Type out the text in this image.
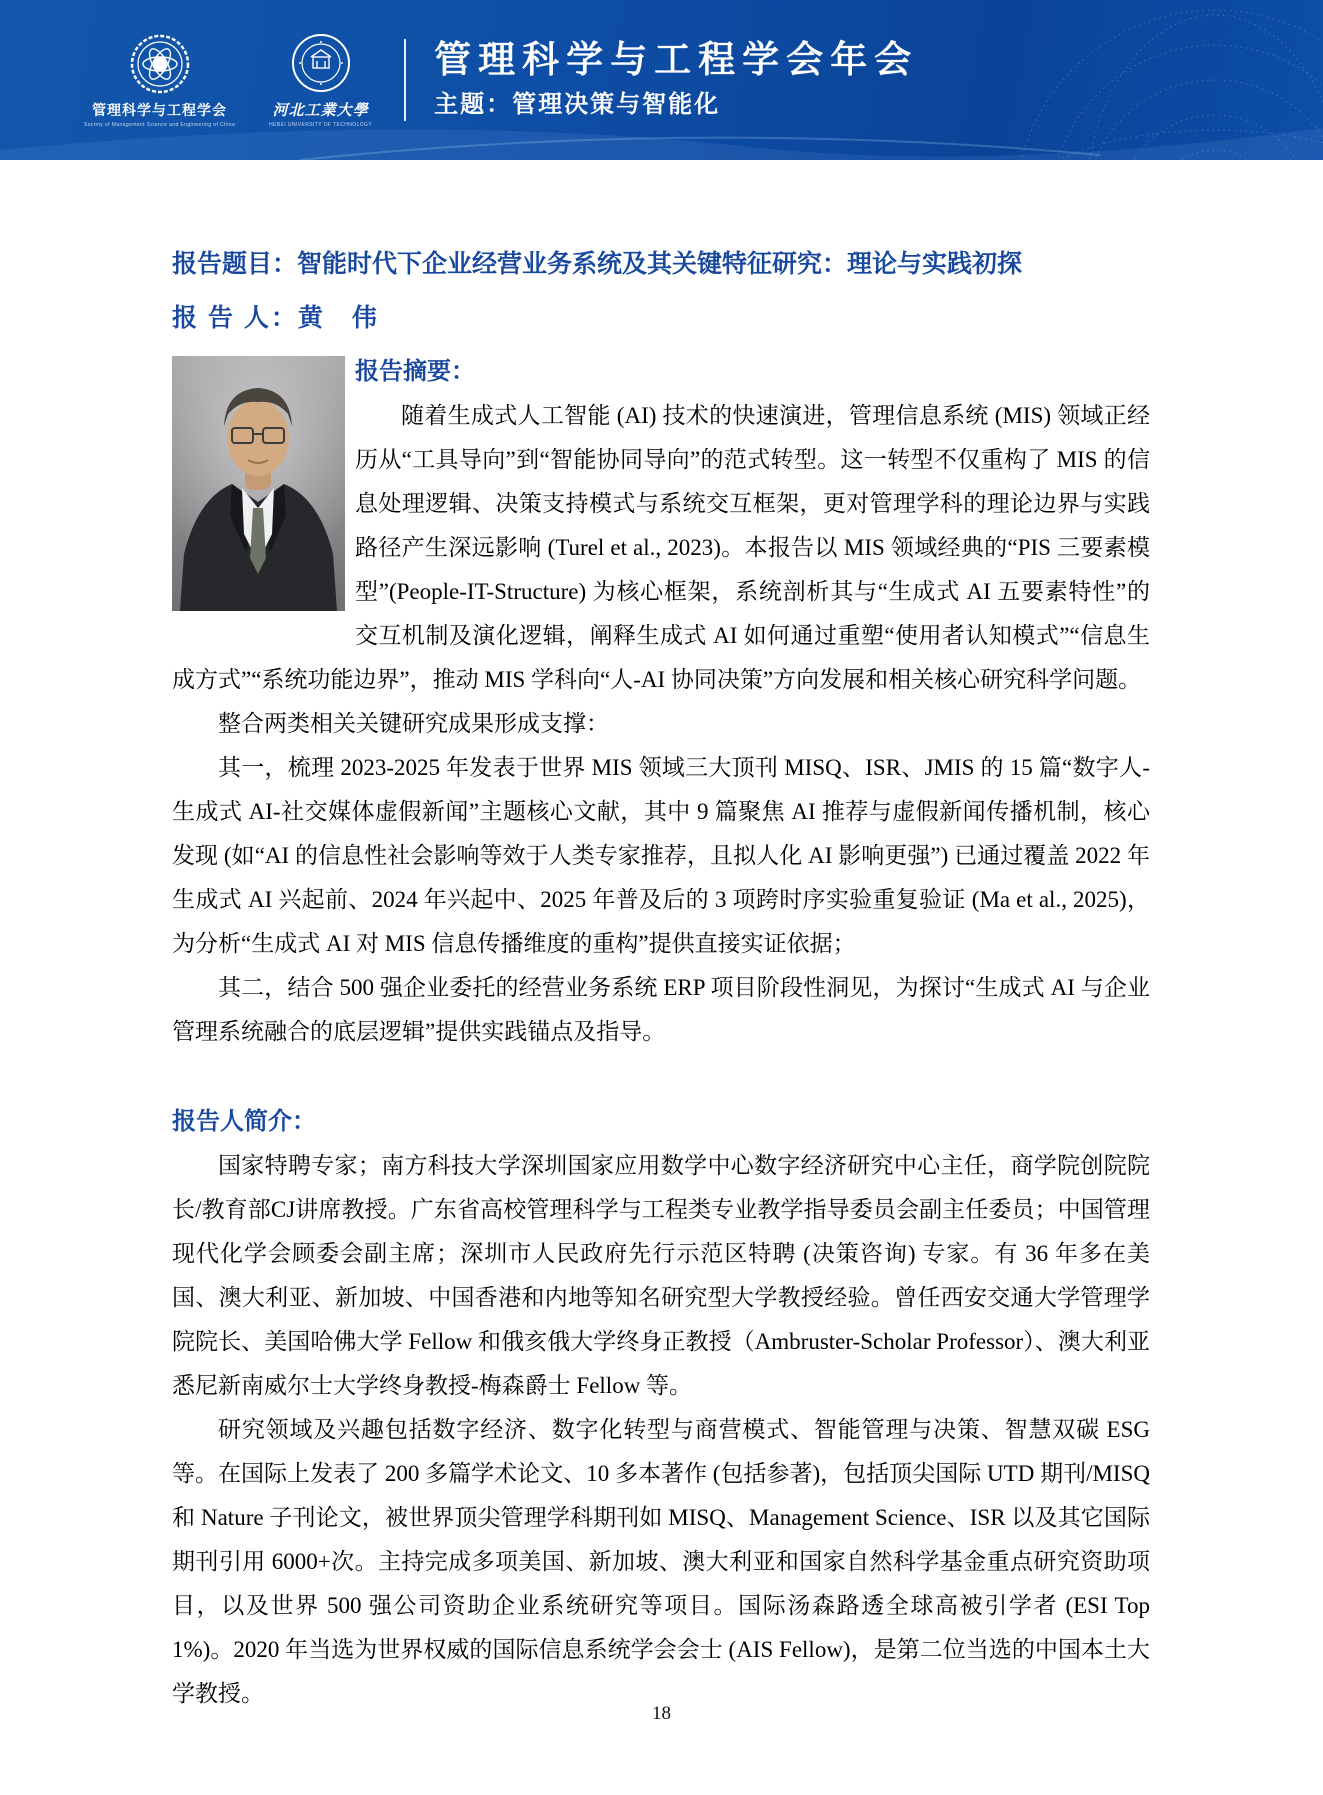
管理科学与工程学会
Society of Management Science and Engineering of China
河北工業大學
HEBEI UNIVERSITY OF TECHNOLOGY
管理科学与工程学会年会
主题：管理决策与智能化
报告题目：智能时代下企业经营业务系统及其关键特征研究：理论与实践初探
报 告 人：黄　伟
报告摘要：

随着生成式人工智能 (AI) 技术的快速演进，管理信息系统 (MIS) 领域正经历从“工具导向”到“智能协同导向”的范式转型。这一转型不仅重构了 MIS 的信息处理逻辑、决策支持模式与系统交互框架，更对管理学科的理论边界与实践路径产生深远影响 (Turel et al., 2023)。本报告以 MIS 领域经典的“PIS 三要素模型”(People-IT-Structure) 为核心框架，系统剖析其与“生成式 AI 五要素特性”的交互机制及演化逻辑，阐释生成式 AI 如何通过重塑“使用者认知模式”“信息生成方式”“系统功能边界”，推动 MIS 学科向“人-AI 协同决策”方向发展和相关核心研究科学问题。

整合两类相关关键研究成果形成支撑：

其一，梳理 2023-2025 年发表于世界 MIS 领域三大顶刊 MISQ、ISR、JMIS 的 15 篇“数字人-生成式 AI-社交媒体虚假新闻”主题核心文献，其中 9 篇聚焦 AI 推荐与虚假新闻传播机制，核心发现 (如“AI 的信息性社会影响等效于人类专家推荐，且拟人化 AI 影响更强”) 已通过覆盖 2022 年生成式 AI 兴起前、2024 年兴起中、2025 年普及后的 3 项跨时序实验重复验证 (Ma et al., 2025)，为分析“生成式 AI 对 MIS 信息传播维度的重构”提供直接实证依据；

其二，结合 500 强企业委托的经营业务系统 ERP 项目阶段性洞见，为探讨“生成式 AI 与企业管理系统融合的底层逻辑”提供实践锚点及指导。

报告人简介：

国家特聘专家；南方科技大学深圳国家应用数学中心数字经济研究中心主任，商学院创院院长/教育部CJ讲席教授。广东省高校管理科学与工程类专业教学指导委员会副主任委员；中国管理现代化学会顾委会副主席；深圳市人民政府先行示范区特聘 (决策咨询) 专家。有 36 年多在美国、澳大利亚、新加坡、中国香港和内地等知名研究型大学教授经验。曾任西安交通大学管理学院院长、美国哈佛大学 Fellow 和俄亥俄大学终身正教授（Ambruster-Scholar Professor）、澳大利亚悉尼新南威尔士大学终身教授-梅森爵士 Fellow 等。

研究领域及兴趣包括数字经济、数字化转型与商营模式、智能管理与决策、智慧双碳 ESG 等。在国际上发表了 200 多篇学术论文、10 多本著作 (包括参著)，包括顶尖国际 UTD 期刊/MISQ 和 Nature 子刊论文，被世界顶尖管理学科期刊如 MISQ、Management Science、ISR 以及其它国际期刊引用 6000+次。主持完成多项美国、新加坡、澳大利亚和国家自然科学基金重点研究资助项目，以及世界 500 强公司资助企业系统研究等项目。国际汤森路透全球高被引学者 (ESI Top 1%)。2020 年当选为世界权威的国际信息系统学会会士 (AIS Fellow)，是第二位当选的中国本土大学教授。

18
